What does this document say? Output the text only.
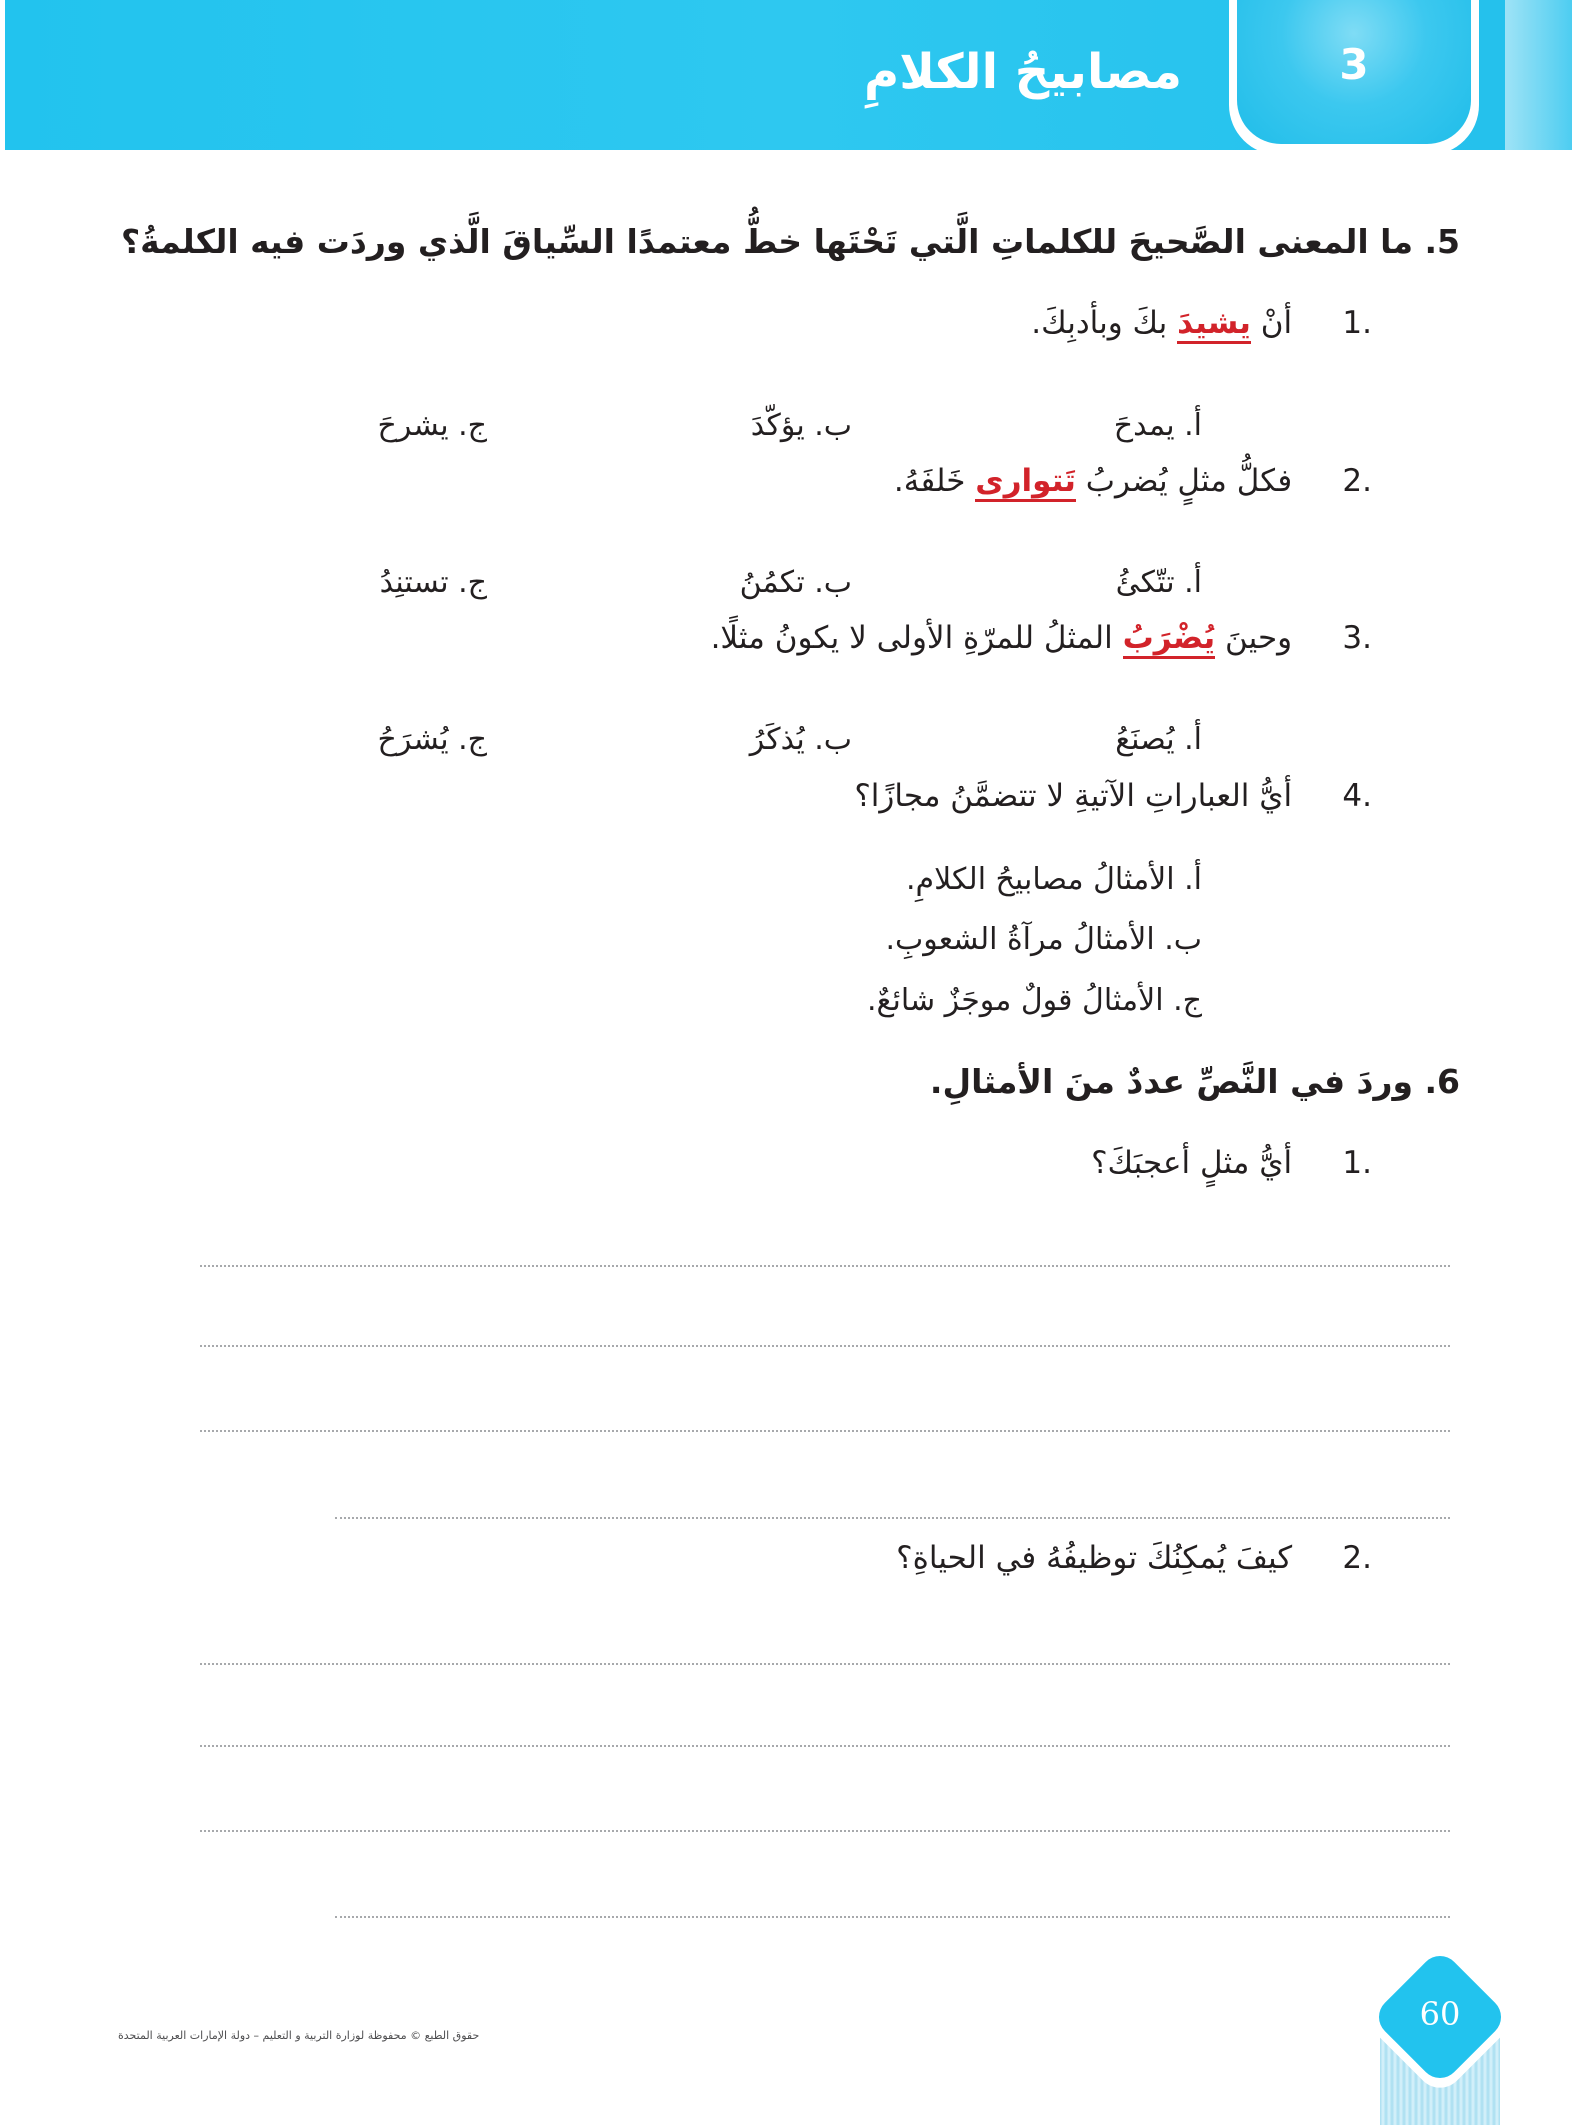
3
مصابيحُ الكلامِ
5. ما المعنى الصَّحيحَ للكلماتِ الَّتي تَحْتَها خطُّ معتمدًا السِّياقَ الَّذي وردَت فيه الكلمةُ؟
.1 أنْ يشيدَ بكَ وبأدبِكَ.
أ. يمدحَ
ب. يؤكّدَ
ج. يشرحَ
.2 فكلُّ مثلٍ يُضربُ تَتوارى خَلفَهُ.
أ. تتّكئُ
ب. تكمُنُ
ج. تستنِدُ
.3 وحينَ يُضْرَبُ المثلُ للمرّةِ الأولى لا يكونُ مثلًا.
أ. يُصنَعُ
ب. يُذكَرُ
ج. يُشرَحُ
.4 أيُّ العباراتِ الآتيةِ لا تتضمَّنُ مجازًا؟
أ. الأمثالُ مصابيحُ الكلامِ.
ب. الأمثالُ مرآةُ الشعوبِ.
ج. الأمثالُ قولٌ موجَزٌ شائعٌ.
6. وردَ في النَّصِّ عددٌ منَ الأمثالِ.
.1 أيُّ مثلٍ أعجبَكَ؟
.2 كيفَ يُمكِنُكَ توظيفُهُ في الحياةِ؟
حقوق الطبع © محفوظة لوزارة التربية و التعليم – دولة الإمارات العربية المتحدة
60
